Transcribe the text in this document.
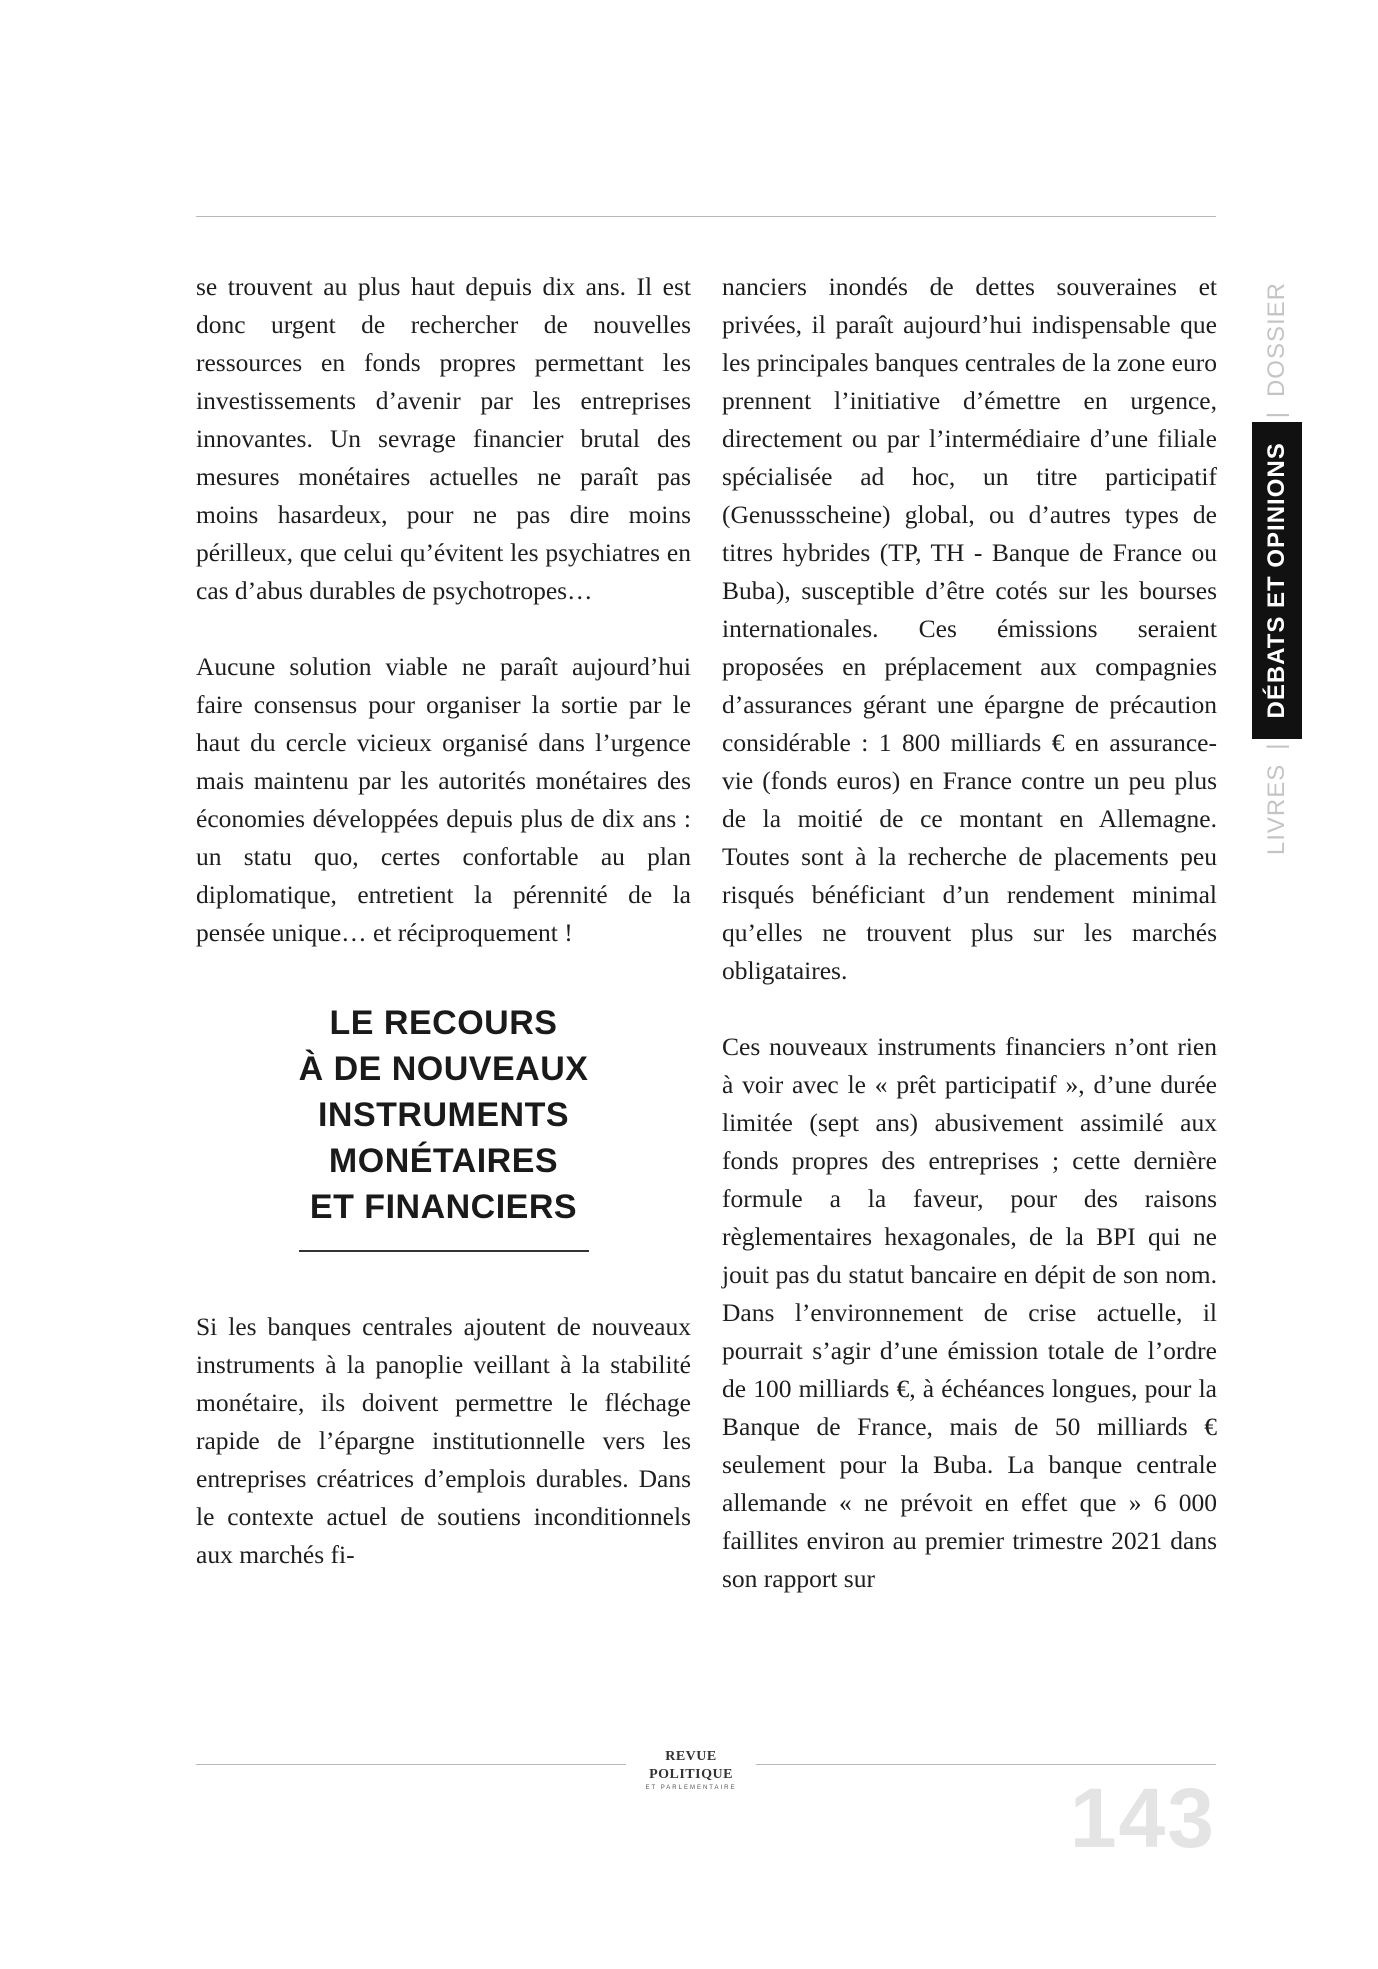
se trouvent au plus haut depuis dix ans. Il est donc urgent de rechercher de nouvelles ressources en fonds propres permettant les investissements d’avenir par les entreprises innovantes. Un sevrage financier brutal des mesures monétaires actuelles ne paraît pas moins hasardeux, pour ne pas dire moins périlleux, que celui qu’évitent les psychiatres en cas d’abus durables de psychotropes…

Aucune solution viable ne paraît aujourd’hui faire consensus pour organiser la sortie par le haut du cercle vicieux organisé dans l’urgence mais maintenu par les autorités monétaires des économies développées depuis plus de dix ans : un statu quo, certes confortable au plan diplomatique, entretient la pérennité de la pensée unique… et réciproquement !

LE RECOURS
À DE NOUVEAUX
INSTRUMENTS
MONÉTAIRES
ET FINANCIERS

Si les banques centrales ajoutent de nouveaux instruments à la panoplie veillant à la stabilité monétaire, ils doivent permettre le fléchage rapide de l’épargne institutionnelle vers les entreprises créatrices d’emplois durables. Dans le contexte actuel de soutiens inconditionnels aux marchés fi-

nanciers inondés de dettes souveraines et privées, il paraît aujourd’hui indispensable que les principales banques centrales de la zone euro prennent l’initiative d’émettre en urgence, directement ou par l’intermédiaire d’une filiale spécialisée ad hoc, un titre participatif (Genussscheine) global, ou d’autres types de titres hybrides (TP, TH - Banque de France ou Buba), susceptible d’être cotés sur les bourses internationales. Ces émissions seraient proposées en préplacement aux compagnies d’assurances gérant une épargne de précaution considérable : 1 800 milliards € en assurance-vie (fonds euros) en France contre un peu plus de la moitié de ce montant en Allemagne. Toutes sont à la recherche de placements peu risqués bénéficiant d’un rendement minimal qu’elles ne trouvent plus sur les marchés obligataires.

Ces nouveaux instruments financiers n’ont rien à voir avec le « prêt participatif », d’une durée limitée (sept ans) abusivement assimilé aux fonds propres des entreprises ; cette dernière formule a la faveur, pour des raisons règlementaires hexagonales, de la BPI qui ne jouit pas du statut bancaire en dépit de son nom. Dans l’environnement de crise actuelle, il pourrait s’agir d’une émission totale de l’ordre de 100 milliards €, à échéances longues, pour la Banque de France, mais de 50 milliards € seulement pour la Buba. La banque centrale allemande « ne prévoit en effet que » 6 000 faillites environ au premier trimestre 2021 dans son rapport sur

LIVRES
|
DÉBATS ET OPINIONS
|
DOSSIER
REVUE POLITIQUE
ET PARLEMENTAIRE	143
